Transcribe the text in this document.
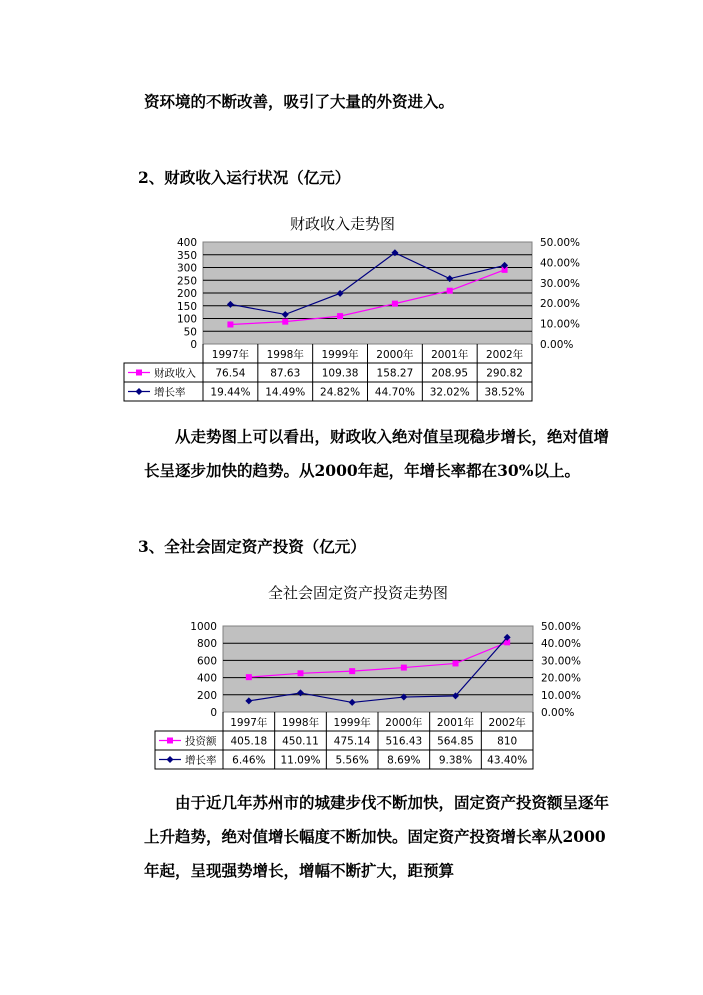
资环境的不断改善，吸引了大量的外资进入。

2、财政收入运行状况（亿元）

财政收入走势图
0
50
100
150
200
250
300
350
400
0.00%
10.00%
20.00%
30.00%
40.00%
50.00%
1997年 1998年 1999年 2000年 2001年 2002年
财政收入 76.54 87.63 109.38 158.27 208.95 290.82
增长率 19.44% 14.49% 24.82% 44.70% 32.02% 38.52%

从走势图上可以看出，财政收入绝对值呈现稳步增长，绝对值增长呈逐步加快的趋势。从2000年起，年增长率都在30%以上。

3、全社会固定资产投资（亿元）

全社会固定资产投资走势图
0
200
400
600
800
1000
0.00%
10.00%
20.00%
30.00%
40.00%
50.00%
1997年 1998年 1999年 2000年 2001年 2002年
投资额 405.18 450.11 475.14 516.43 564.85 810
增长率 6.46% 11.09% 5.56% 8.69% 9.38% 43.40%

由于近几年苏州市的城建步伐不断加快，固定资产投资额呈逐年上升趋势，绝对值增长幅度不断加快。固定资产投资增长率从2000年起，呈现强势增长，增幅不断扩大，距预算
